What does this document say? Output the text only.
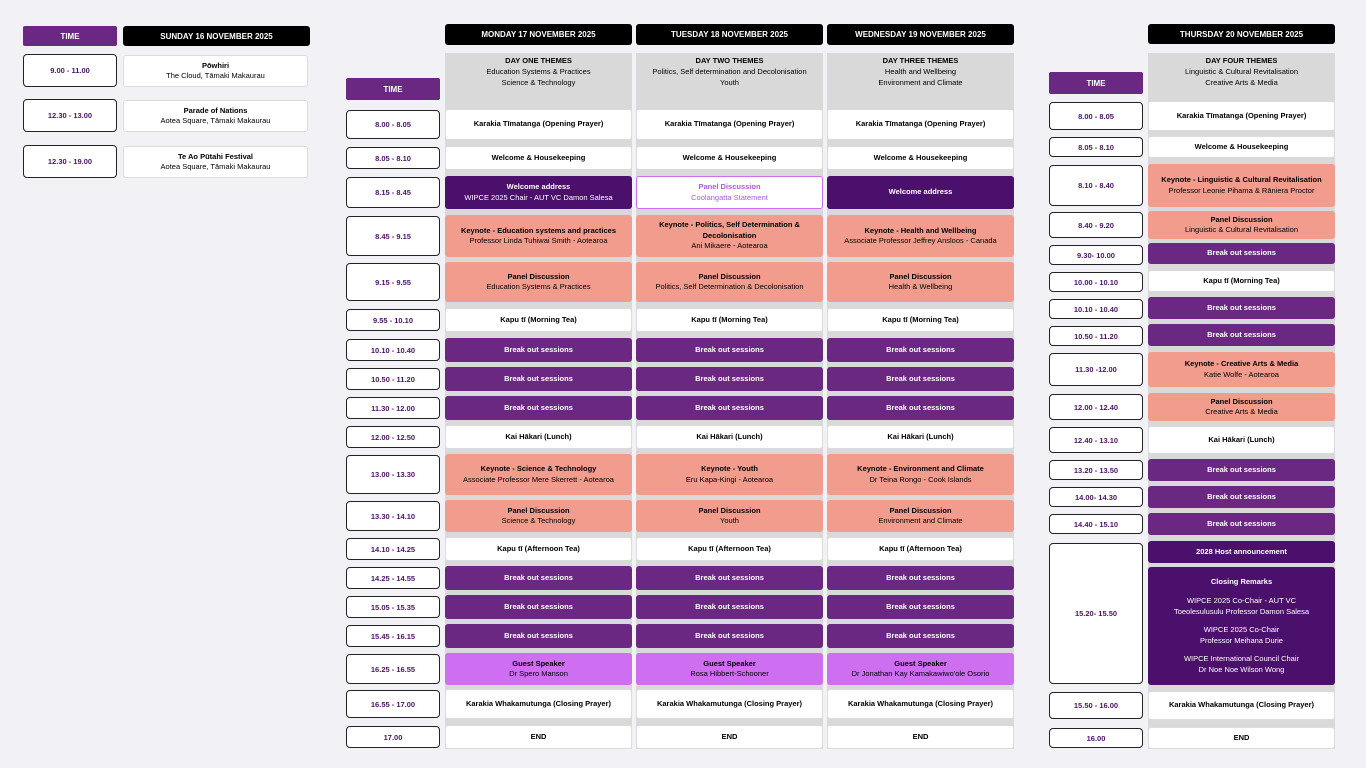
TIME	SUNDAY 16 NOVEMBER 2025
9.00 - 11.00
Pōwhiri
The Cloud, Tāmaki Makaurau
12.30 - 13.00
Parade of Nations
Aotea Square, Tāmaki Makaurau
12.30 - 19.00
Te Ao Pūtahi Festival
Aotea Square, Tāmaki Makaurau
TIME
8.00 - 8.05
8.05 - 8.10
8.15 - 8.45
8.45 - 9.15
9.15 - 9.55
9.55 - 10.10
10.10 - 10.40
10.50 - 11.20
11.30 - 12.00
12.00 - 12.50
13.00 - 13.30
13.30 - 14.10
14.10 - 14.25
14.25 - 14.55
15.05 - 15.35
15.45 - 16.15
16.25 - 16.55
16.55 - 17.00
17.00
MONDAY 17 NOVEMBER 2025
DAY ONE THEMES
Education Systems & Practices
Science & Technology
Karakia Tīmatanga (Opening Prayer)
Welcome & Housekeeping
Welcome address
WIPCE 2025 Chair - AUT VC Damon Salesa
Keynote - Education systems and practices
Professor Linda Tuhiwai Smith - Aotearoa
Panel Discussion
Education Systems & Practices
Kapu tī (Morning Tea)
Break out sessions
Break out sessions
Break out sessions
Kai Hākari (Lunch)
Keynote - Science & Technology
Associate Professor Mere Skerrett - Aotearoa
Panel Discussion
Science & Technology
Kapu tī (Afternoon Tea)
Break out sessions
Break out sessions
Break out sessions
Guest Speaker
Dr Spero Manson
Karakia Whakamutunga (Closing Prayer)
END
TUESDAY 18 NOVEMBER 2025
DAY TWO THEMES
Politics, Self determination and Decolonisation
Youth
Karakia Tīmatanga (Opening Prayer)
Welcome & Housekeeping
Panel Discussion
Coolangatta Statement
Keynote - Politics, Self Determination & Decolonisation
Ani Mikaere - Aotearoa
Panel Discussion
Politics, Self Determination & Decolonisation
Kapu tī (Morning Tea)
Break out sessions
Break out sessions
Break out sessions
Kai Hākari (Lunch)
Keynote - Youth
Eru Kapa-Kingi - Aotearoa
Panel Discussion
Youth
Kapu tī (Afternoon Tea)
Break out sessions
Break out sessions
Break out sessions
Guest Speaker
Rosa Hibbert-Schooner
Karakia Whakamutunga (Closing Prayer)
END
WEDNESDAY 19 NOVEMBER 2025
DAY THREE THEMES
Health and Wellbeing
Environment and Climate
Karakia Tīmatanga (Opening Prayer)
Welcome & Housekeeping
Welcome address
Keynote - Health and Wellbeing
Associate Professor Jeffrey Ansloos - Canada
Panel Discussion
Health & Wellbeing
Kapu tī (Morning Tea)
Break out sessions
Break out sessions
Break out sessions
Kai Hākari (Lunch)
Keynote - Environment and Climate
Dr Teina Rongo - Cook Islands
Panel Discussion
Environment and Climate
Kapu tī (Afternoon Tea)
Break out sessions
Break out sessions
Break out sessions
Guest Speaker
Dr Jonathan Kay Kamakawiwo'ole Osorio
Karakia Whakamutunga (Closing Prayer)
END
TIME
THURSDAY 20 NOVEMBER 2025
DAY FOUR THEMES
Linguistic & Cultural Revitalisation
Creative Arts & Media
8.00 - 8.05
8.05 - 8.10
8.10 - 8.40
8.40 - 9.20
9.30- 10.00
10.00 - 10.10
10.10 - 10.40
10.50 - 11.20
11.30 -12.00
12.00 - 12.40
12.40 - 13.10
13.20 - 13.50
14.00- 14.30
14.40 - 15.10
15.20- 15.50
15.50 - 16.00
16.00
Karakia Tīmatanga (Opening Prayer)
Welcome & Housekeeping
Keynote - Linguistic & Cultural Revitalisation
Professor Leonie Pihama & Rāniera Proctor
Panel Discussion
Linguistic & Cultural Revitalisation
Break out sessions
Kapu tī (Morning Tea)
Break out sessions
Break out sessions
Keynote - Creative Arts & Media
Katie Wolfe - Aotearoa
Panel Discussion
Creative Arts & Media
Kai Hākari (Lunch)
Break out sessions
Break out sessions
Break out sessions
2028 Host announcement
Closing Remarks
WIPCE 2025 Co-Chair - AUT VC
Toeolesulusulu Professor Damon Salesa
WIPCE 2025 Co-Chair
Professor Meihana Durie
WIPCE International Council Chair
Dr Noe Noe Wilson Wong
Karakia Whakamutunga (Closing Prayer)
END
